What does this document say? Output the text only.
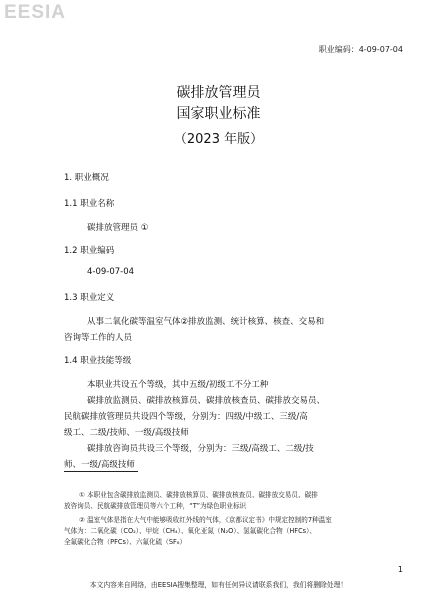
EESIA
职业编码：4-09-07-04
碳排放管理员
国家职业标准
（2023 年版）
1. 职业概况
1.1 职业名称
碳排放管理员 ①
1.2 职业编码
4-09-07-04
1.3 职业定义
从事二氧化碳等温室气体②排放监测、统计核算、核查、交易和
咨询等工作的人员
1.4 职业技能等级
本职业共设五个等级，其中五级/初级工不分工种
碳排放监测员、碳排放核算员、碳排放核查员、碳排放交易员、
民航碳排放管理员共设四个等级，分别为：四级/中级工、三级/高
级工、二级/技师、一级/高级技师
碳排放咨询员共设三个等级，分别为：三级/高级工、二级/技
师、一级/高级技师
① 本职业包含碳排放监测员、碳排放核算员、碳排放核查员、碳排放交易员、碳排
放咨询员、民航碳排放管理员等六个工种，“T”为绿色职业标识
② 温室气体是指在大气中能够吸收红外线的气体，《京都议定书》中规定控制的7种温室
气体为：二氧化碳（CO₂）、甲烷（CH₄）、氧化亚氮（N₂O）、氢氟碳化合物（HFCs）、
全氟碳化合物（PFCs）、六氟化硫（SF₆）
1
本文内容来自网络，由EESIA搜集整理，如有任何异议请联系我们，我们将删除处理！
